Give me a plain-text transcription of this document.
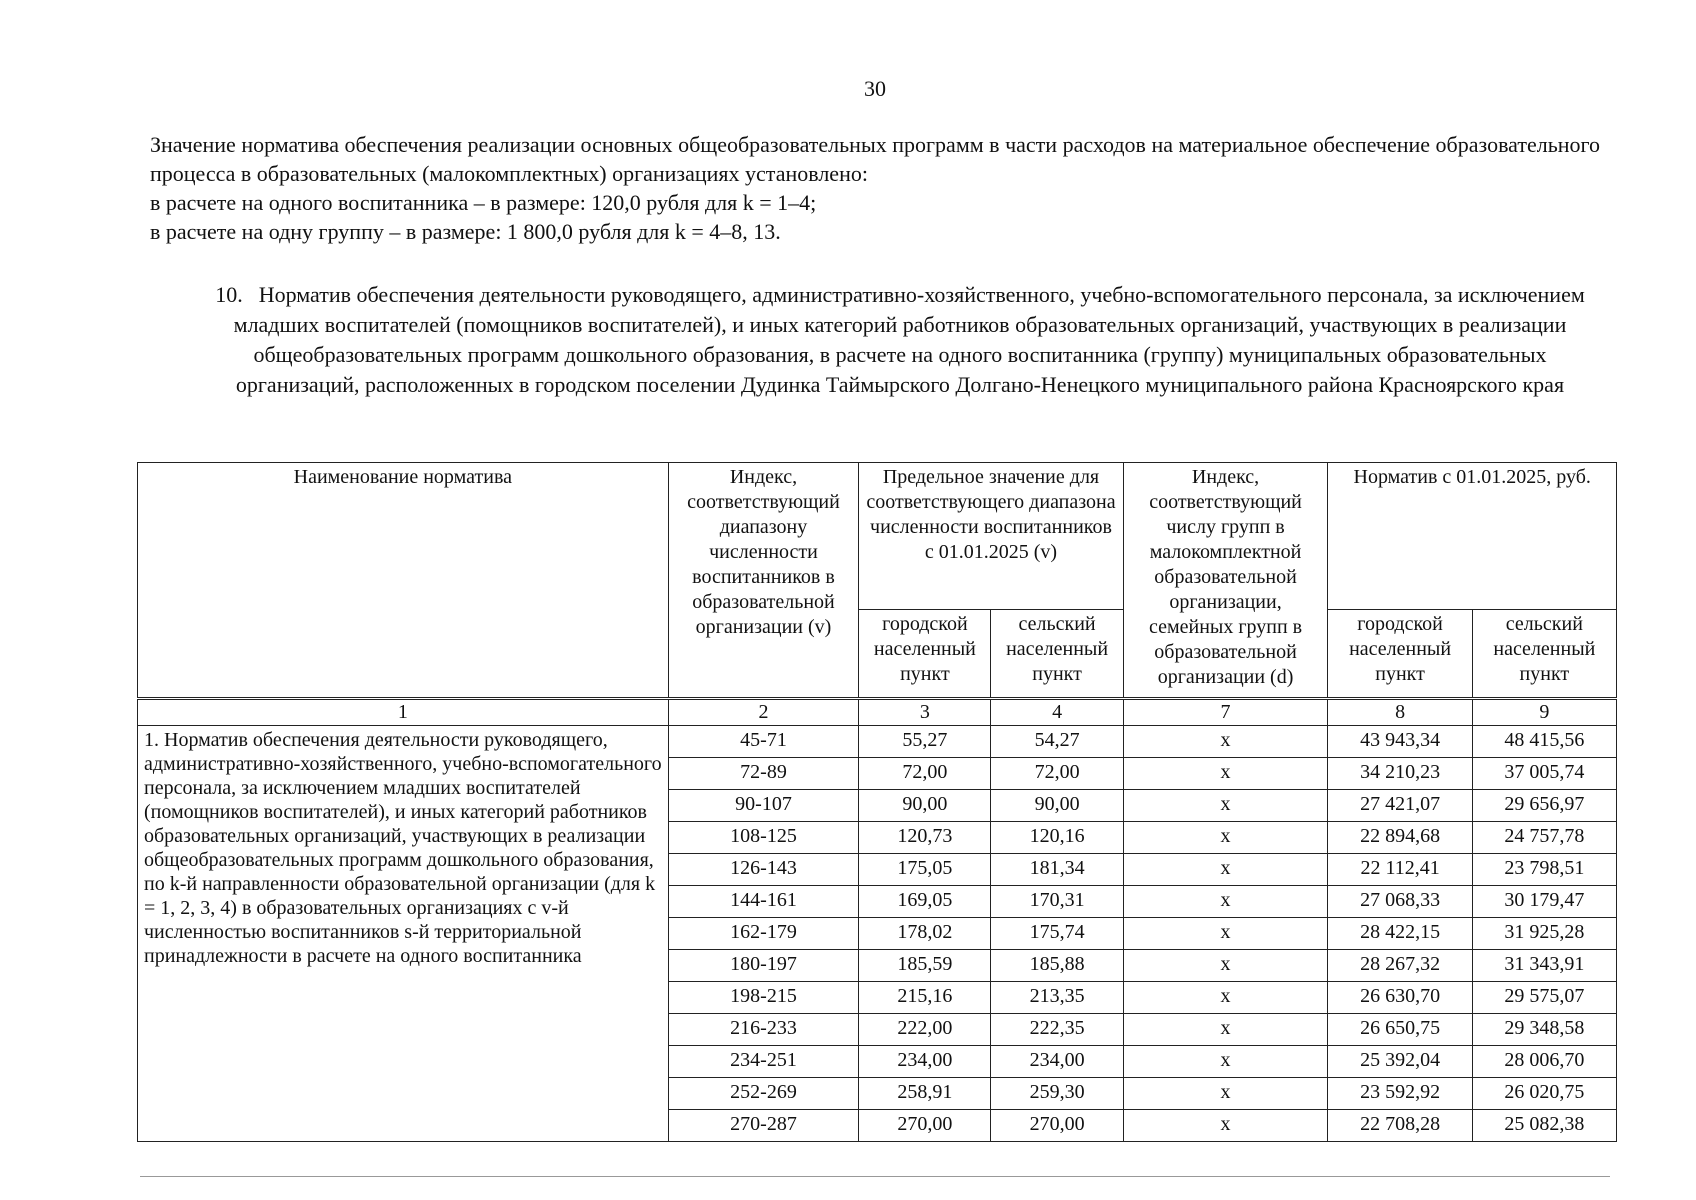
30

Значение норматива обеспечения реализации основных общеобразовательных программ в части расходов на материальное обеспечение образовательного процесса в образовательных (малокомплектных) организациях установлено:

в расчете на одного воспитанника – в размере: 120,0 рубля для k = 1–4;

в расчете на одну группу – в размере: 1 800,0 рубля для k = 4–8, 13.

10. Норматив обеспечения деятельности руководящего, административно-хозяйственного, учебно-вспомогательного персонала, за исключением младших воспитателей (помощников воспитателей), и иных категорий работников образовательных организаций, участвующих в реализации общеобразовательных программ дошкольного образования, в расчете на одного воспитанника (группу) муниципальных образовательных организаций, расположенных в городском поселении Дудинка Таймырского Долгано-Ненецкого муниципального района Красноярского края
Наименование норматива	Индекс, соответствующий диапазону численности воспитанников в образовательной организации (v)	Предельное значение для соответствующего диапазона численности воспитанников с 01.01.2025 (v)		Индекс, соответствующий числу групп в малокомплектной образовательной организации, семейных групп в образовательной организации (d)	Норматив с 01.01.2025, руб.	
		городской населенный пункт	сельский населенный пункт		городской населенный пункт	сельский населенный пункт
1	2	3	4	7	8	9
1. Норматив обеспечения деятельности руководящего, административно-хозяйственного, учебно-вспомогательного персонала, за исключением младших воспитателей (помощников воспитателей), и иных категорий работников образовательных организаций, участвующих в реализации общеобразовательных программ дошкольного образования, по k-й направленности образовательной организации (для k = 1, 2, 3, 4) в образовательных организациях с v-й численностью воспитанников s-й территориальной принадлежности в расчете на одного воспитанника	45-71	55,27	54,27	x	43 943,34	48 415,56
	72-89	72,00	72,00	x	34 210,23	37 005,74
	90-107	90,00	90,00	x	27 421,07	29 656,97
	108-125	120,73	120,16	x	22 894,68	24 757,78
	126-143	175,05	181,34	x	22 112,41	23 798,51
	144-161	169,05	170,31	x	27 068,33	30 179,47
	162-179	178,02	175,74	x	28 422,15	31 925,28
	180-197	185,59	185,88	x	28 267,32	31 343,91
	198-215	215,16	213,35	x	26 630,70	29 575,07
	216-233	222,00	222,35	x	26 650,75	29 348,58
	234-251	234,00	234,00	x	25 392,04	28 006,70
	252-269	258,91	259,30	x	23 592,92	26 020,75
	270-287	270,00	270,00	x	22 708,28	25 082,38
